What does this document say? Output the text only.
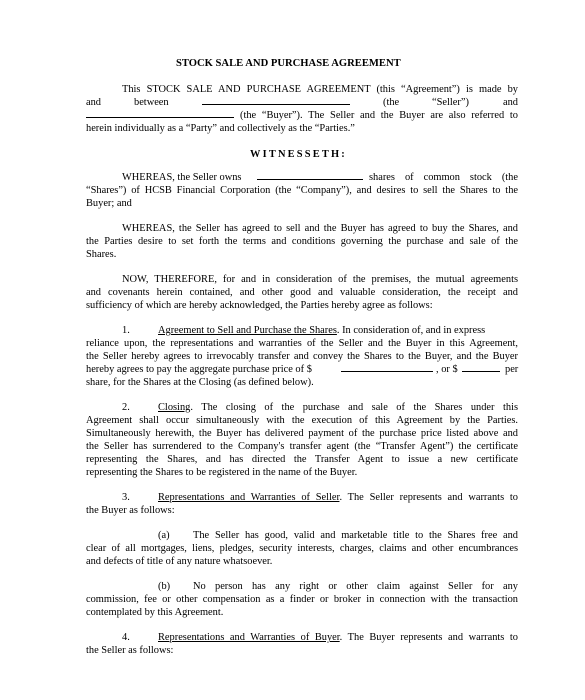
STOCK SALE AND PURCHASE AGREEMENT
This STOCK SALE AND PURCHASE AGREEMENT (this “Agreement”) is made by
and	between	(the	“Seller”)	and
(the “Buyer”). The Seller and the Buyer are also referred to
herein individually as a “Party” and collectively as the “Parties.”
WITNESSETH:
WHEREAS, the Seller owns	shares of common stock (the
“Shares”) of HCSB Financial Corporation (the “Company”), and desires to sell the Shares to the
Buyer; and
WHEREAS, the Seller has agreed to sell and the Buyer has agreed to buy the Shares, and
the Parties desire to set forth the terms and conditions governing the purchase and sale of the
Shares.
NOW, THEREFORE, for and in consideration of the premises, the mutual agreements
and covenants herein contained, and other good and valuable consideration, the receipt and
sufficiency of which are hereby acknowledged, the Parties hereby agree as follows:
1.	Agreement to Sell and Purchase the Shares. In consideration of, and in express
reliance upon, the representations and warranties of the Seller and the Buyer in this Agreement,
the Seller hereby agrees to irrevocably transfer and convey the Shares to the Buyer, and the Buyer
hereby agrees to pay the aggregate purchase price of $	, or $	per
share, for the Shares at the Closing (as defined below).
2.	Closing. The closing of the purchase and sale of the Shares under this
Agreement shall occur simultaneously with the execution of this Agreement by the Parties.
Simultaneously herewith, the Buyer has delivered payment of the purchase price listed above and
the Seller has surrendered to the Company's transfer agent (the “Transfer Agent”) the certificate
representing the Shares, and has directed the Transfer Agent to issue a new certificate
representing the Shares to be registered in the name of the Buyer.
3.	Representations and Warranties of Seller. The Seller represents and warrants to
the Buyer as follows:
(a) The Seller has good, valid and marketable title to the Shares free and
clear of all mortgages, liens, pledges, security interests, charges, claims and other encumbrances
and defects of title of any nature whatsoever.
(b) No person has any right or other claim against Seller for any
commission, fee or other compensation as a finder or broker in connection with the transaction
contemplated by this Agreement.
4.	Representations and Warranties of Buyer. The Buyer represents and warrants to
the Seller as follows:
